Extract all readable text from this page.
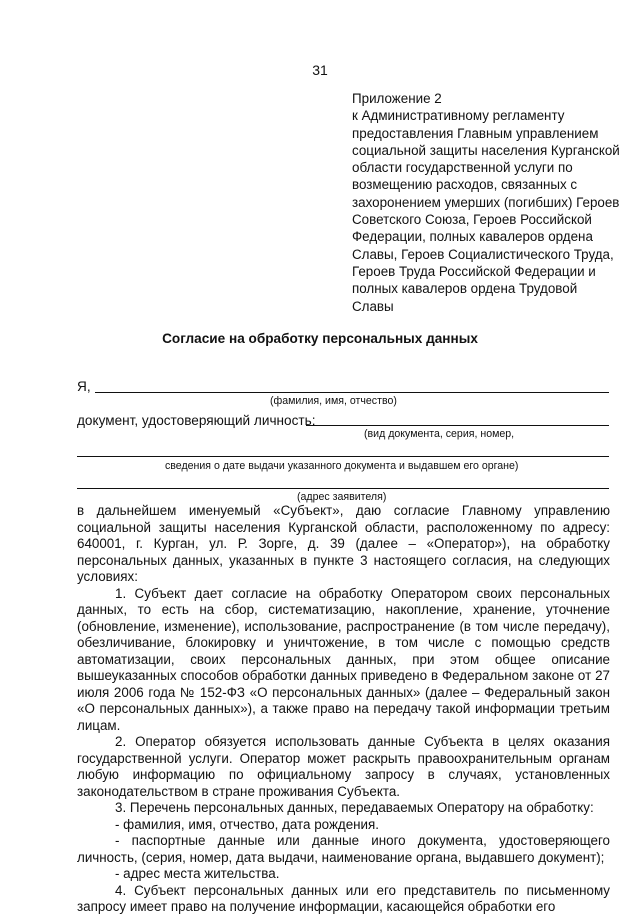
31
Приложение 2
к Административному регламенту
предоставления Главным управлением
социальной защиты населения Курганской
области государственной услуги по
возмещению расходов, связанных с
захоронением умерших (погибших) Героев
Советского Союза, Героев Российской
Федерации, полных кавалеров ордена
Славы, Героев Социалистического Труда,
Героев Труда Российской Федерации и
полных кавалеров ордена Трудовой
Славы
Согласие на обработку персональных данных
Я,
(фамилия, имя, отчество)
документ, удостоверяющий личность:
(вид документа, серия, номер,
сведения о дате выдачи указанного документа и выдавшем его органе)
(адрес заявителя)

в дальнейшем именуемый «Субъект», даю согласие Главному управлению социальной защиты населения Курганской области, расположенному по адресу: 640001, г. Курган, ул. Р. Зорге, д. 39 (далее – «Оператор»), на обработку персональных данных, указанных в пункте 3 настоящего согласия, на следующих условиях:

1. Субъект дает согласие на обработку Оператором своих персональных данных, то есть на сбор, систематизацию, накопление, хранение, уточнение (обновление, изменение), использование, распространение (в том числе передачу), обезличивание, блокировку и уничтожение, в том числе с помощью средств автоматизации, своих персональных данных, при этом общее описание вышеуказанных способов обработки данных приведено в Федеральном законе от 27 июля 2006 года № 152-ФЗ «О персональных данных» (далее – Федеральный закон «О персональных данных»), а также право на передачу такой информации третьим лицам.

2. Оператор обязуется использовать данные Субъекта в целях оказания государственной услуги. Оператор может раскрыть правоохранительным органам любую информацию по официальному запросу в случаях, установленных законодательством в стране проживания Субъекта.

3. Перечень персональных данных, передаваемых Оператору на обработку:

- фамилия, имя, отчество, дата рождения.

- паспортные данные или данные иного документа, удостоверяющего личность, (серия, номер, дата выдачи, наименование органа, выдавшего документ);

- адрес места жительства.

4. Субъект персональных данных или его представитель по письменному запросу имеет право на получение информации, касающейся обработки его
